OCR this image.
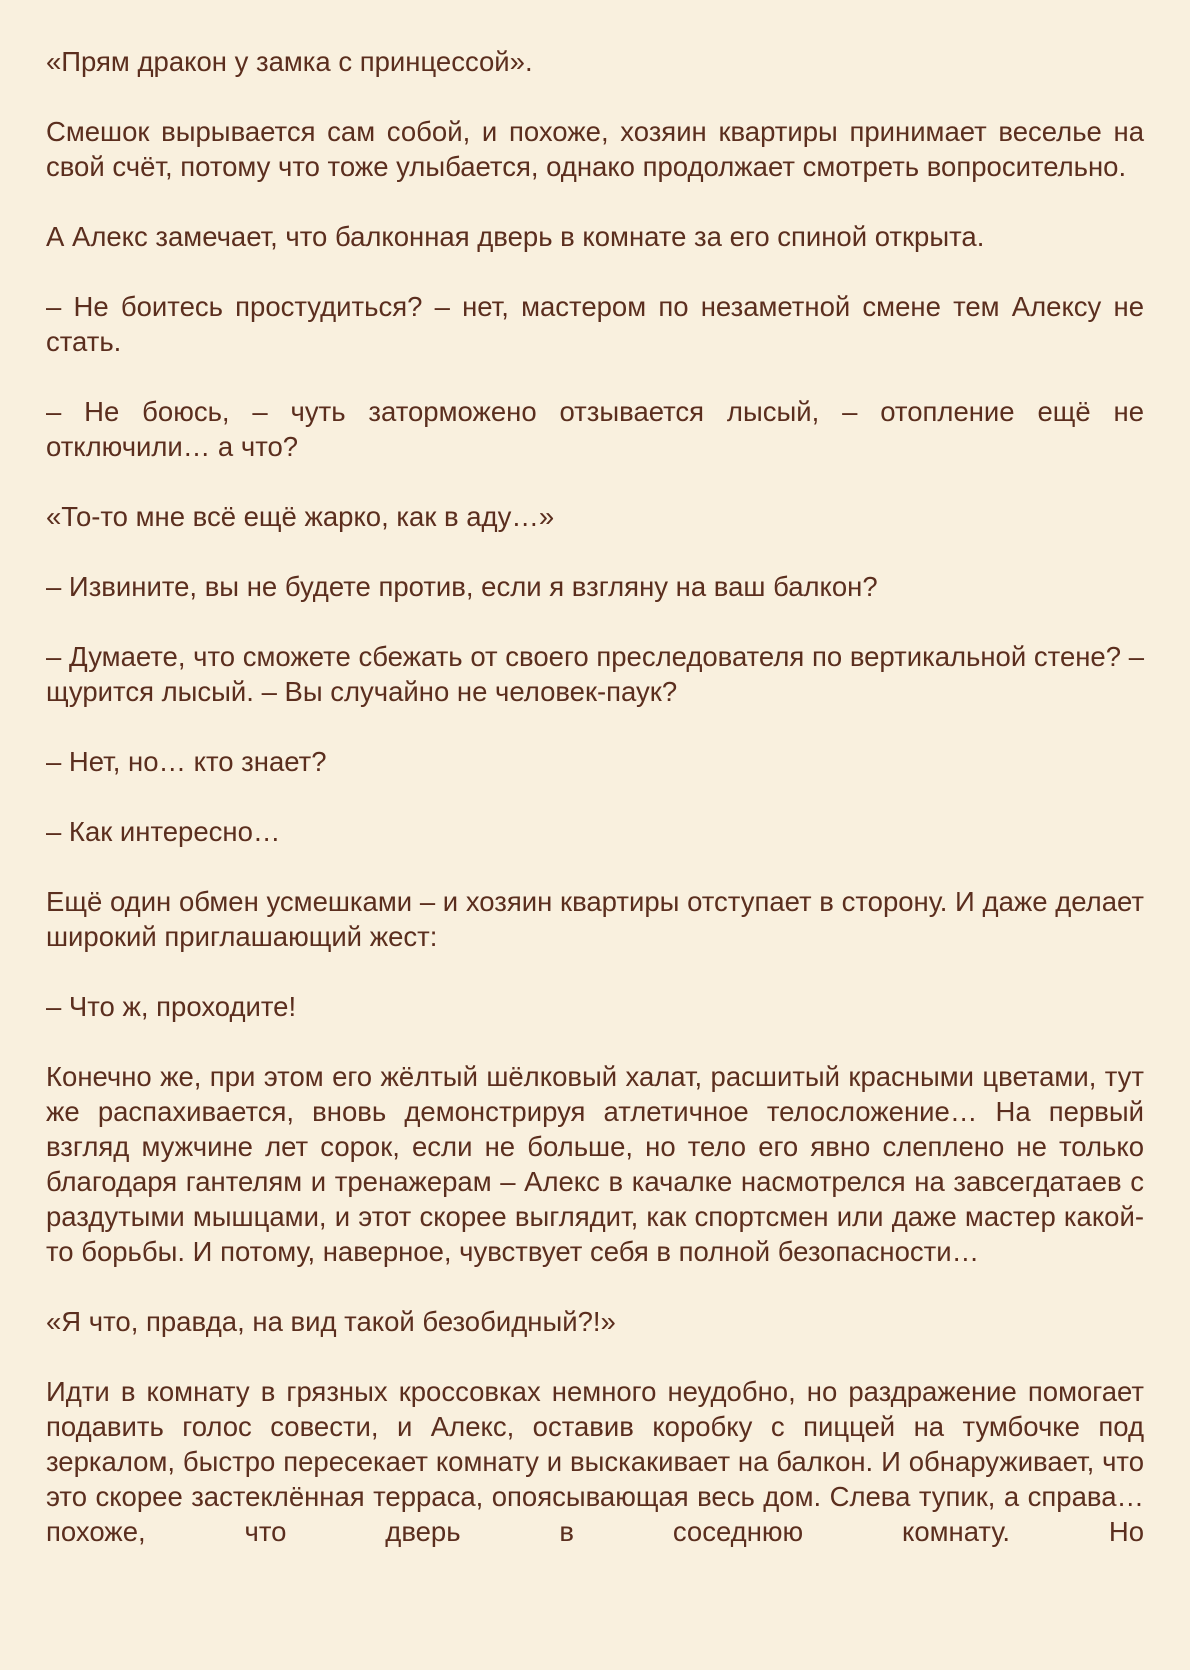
«Прям дракон у замка с принцессой».

Смешок вырывается сам собой, и похоже, хозяин квартиры принимает веселье на свой счёт, потому что тоже улыбается, однако продолжает смотреть вопросительно.

А Алекс замечает, что балконная дверь в комнате за его спиной открыта.

– Не боитесь простудиться? – нет, мастером по незаметной смене тем Алексу не стать.

– Не боюсь, – чуть заторможено отзывается лысый, – отопление ещё не отключили… а что?

«То-то мне всё ещё жарко, как в аду…»

– Извините, вы не будете против, если я взгляну на ваш балкон?

– Думаете, что сможете сбежать от своего преследователя по вертикальной стене? – щурится лысый. – Вы случайно не человек-паук?

– Нет, но… кто знает?

– Как интересно…

Ещё один обмен усмешками – и хозяин квартиры отступает в сторону. И даже делает широкий приглашающий жест:

– Что ж, проходите!

Конечно же, при этом его жёлтый шёлковый халат, расшитый красными цветами, тут же распахивается, вновь демонстрируя атлетичное телосложение… На первый взгляд мужчине лет сорок, если не больше, но тело его явно слеплено не только благодаря гантелям и тренажерам – Алекс в качалке насмотрелся на завсегдатаев с раздутыми мышцами, и этот скорее выглядит, как спортсмен или даже мастер какой-то борьбы. И потому, наверное, чувствует себя в полной безопасности…

«Я что, правда, на вид такой безобидный?!»

Идти в комнату в грязных кроссовках немного неудобно, но раздражение помогает подавить голос совести, и Алекс, оставив коробку с пиццей на тумбочке под зеркалом, быстро пересекает комнату и выскакивает на балкон. И обнаруживает, что это скорее застеклённая терраса, опоясывающая весь дом. Слева тупик, а справа… похоже, что дверь в соседнюю комнату. Но
